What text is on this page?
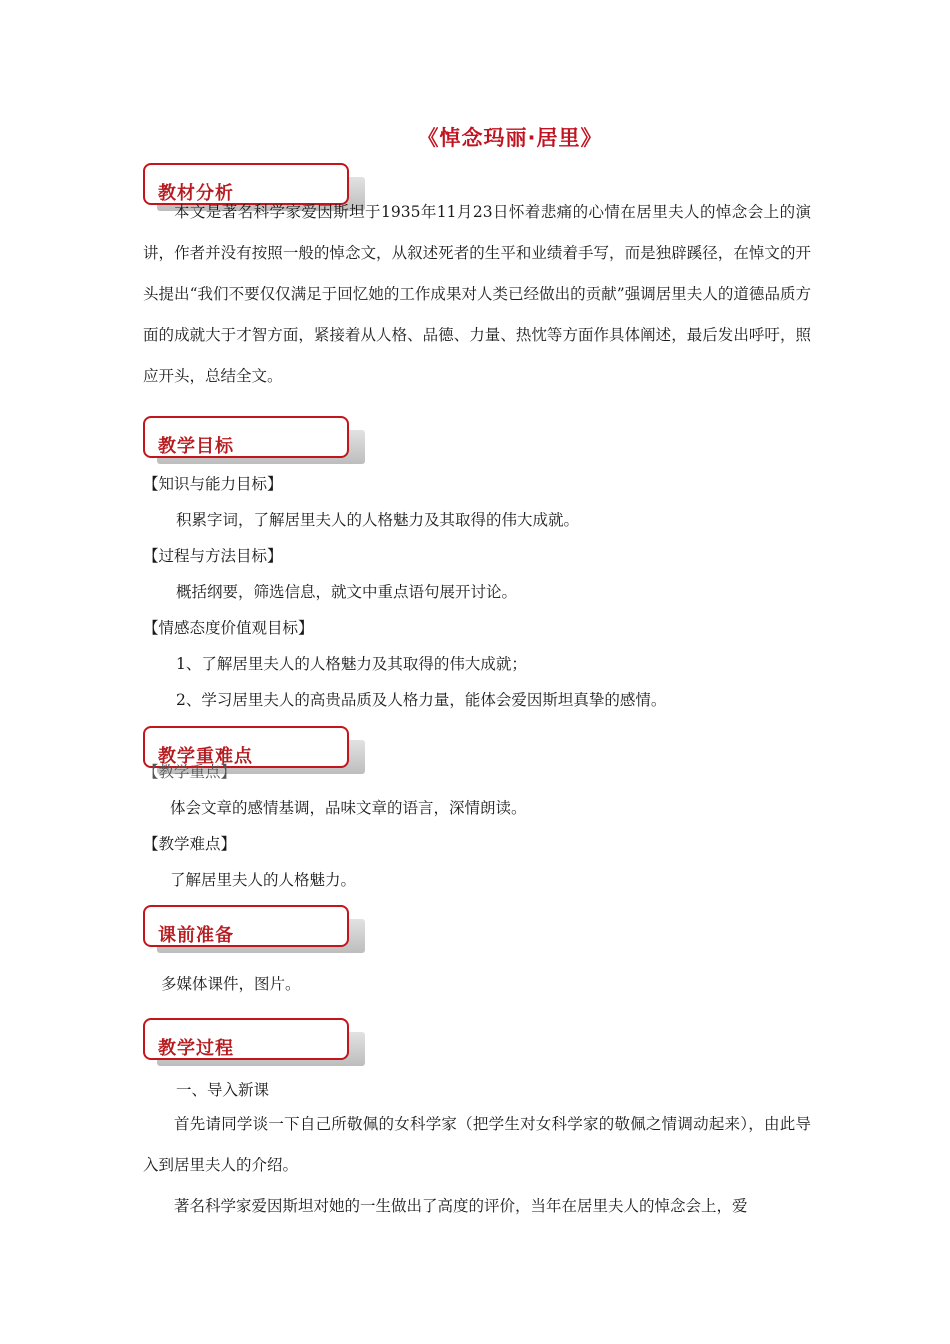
《悼念玛丽·居里》
教材分析
本文是著名科学家爱因斯坦于1935年11月23日怀着悲痛的心情在居里夫人的悼念会上的演讲，作者并没有按照一般的悼念文，从叙述死者的生平和业绩着手写，而是独辟蹊径，在悼文的开头提出“我们不要仅仅满足于回忆她的工作成果对人类已经做出的贡献”强调居里夫人的道德品质方面的成就大于才智方面，紧接着从人格、品德、力量、热忱等方面作具体阐述，最后发出呼吁，照应开头，总结全文。
教学目标
【知识与能力目标】
积累字词，了解居里夫人的人格魅力及其取得的伟大成就。
【过程与方法目标】
概括纲要，筛选信息，就文中重点语句展开讨论。
【情感态度价值观目标】
1、了解居里夫人的人格魅力及其取得的伟大成就；
2、学习居里夫人的高贵品质及人格力量，能体会爱因斯坦真挚的感情。
教学重难点
【教学重点】
体会文章的感情基调，品味文章的语言，深情朗读。
【教学难点】
了解居里夫人的人格魅力。
课前准备
多媒体课件，图片。
教学过程
一、导入新课
首先请同学谈一下自己所敬佩的女科学家（把学生对女科学家的敬佩之情调动起来），由此导入到居里夫人的介绍。
著名科学家爱因斯坦对她的一生做出了高度的评价，当年在居里夫人的悼念会上，爱
